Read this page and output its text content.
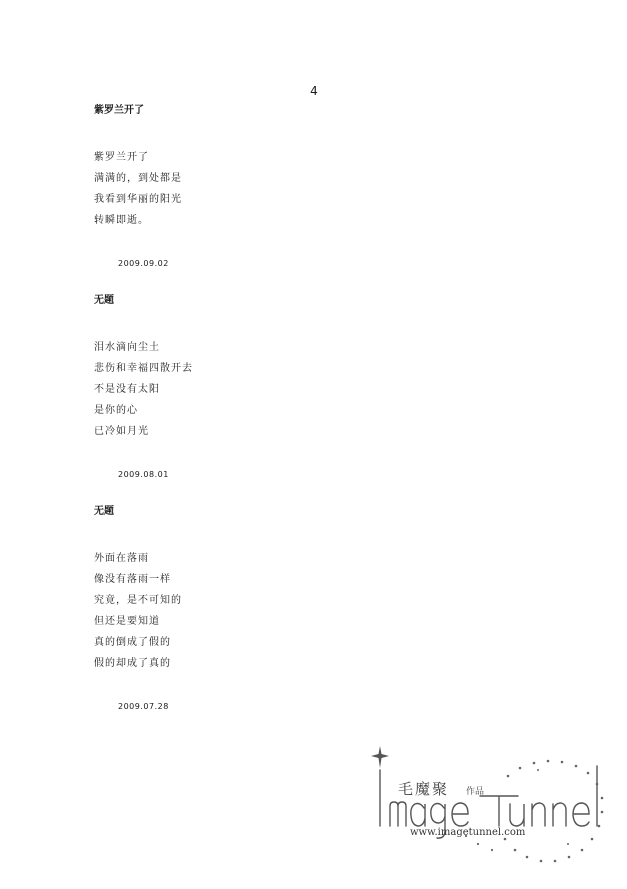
4
紫罗兰开了
紫罗兰开了
满满的，到处都是
我看到华丽的阳光
转瞬即逝。
2009.09.02
无题
泪水滴向尘土
悲伤和幸福四散开去
不是没有太阳
是你的心
已冷如月光
2009.08.01
无题
外面在落雨
像没有落雨一样
究竟，是不可知的
但还是要知道
真的倒成了假的
假的却成了真的
2009.07.28
毛魔聚 作品
www.imagetunnel.com
